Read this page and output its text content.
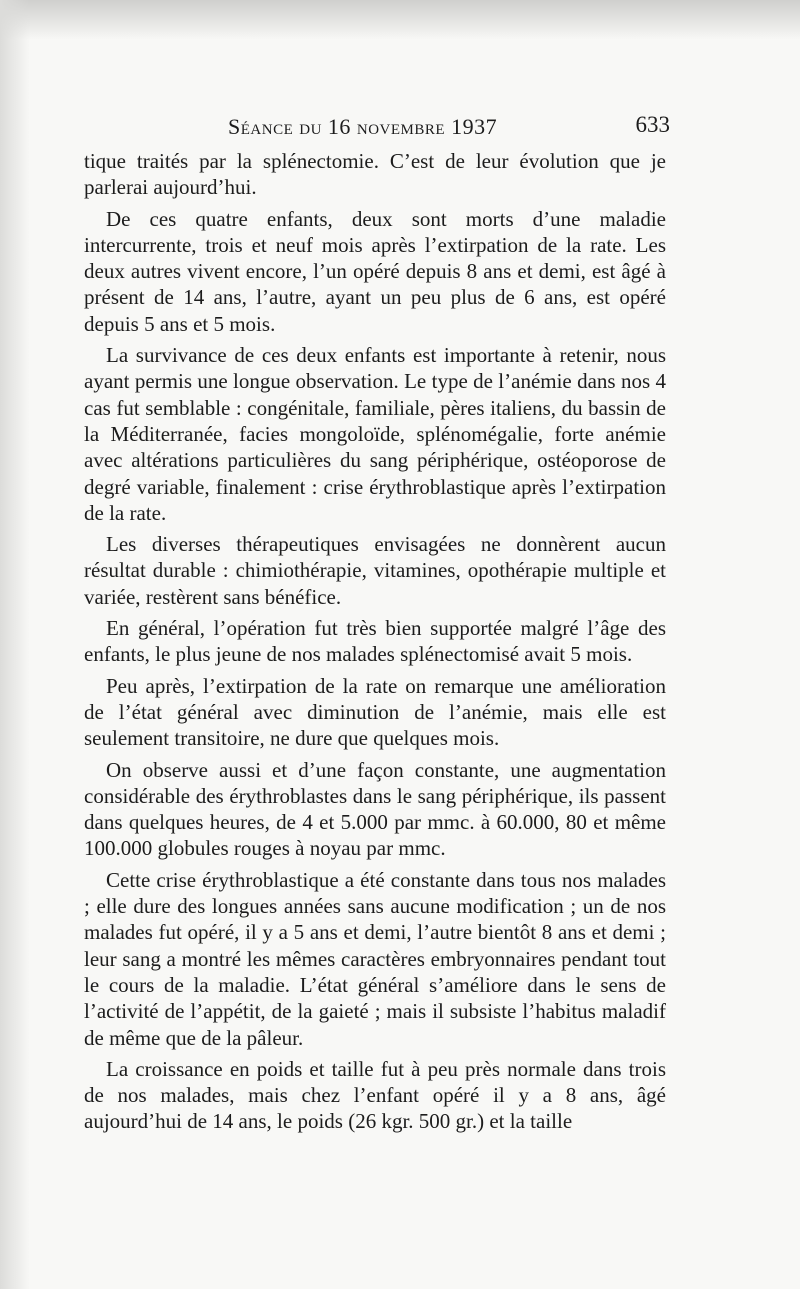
Séance du 16 novembre 1937	633

tique traités par la splénectomie. C’est de leur évolution que je parlerai aujourd’hui.

De ces quatre enfants, deux sont morts d’une maladie intercurrente, trois et neuf mois après l’extirpation de la rate. Les deux autres vivent encore, l’un opéré depuis 8 ans et demi, est âgé à présent de 14 ans, l’autre, ayant un peu plus de 6 ans, est opéré depuis 5 ans et 5 mois.

La survivance de ces deux enfants est importante à retenir, nous ayant permis une longue observation. Le type de l’anémie dans nos 4 cas fut semblable : congénitale, familiale, pères italiens, du bassin de la Méditerranée, facies mongoloïde, splénomégalie, forte anémie avec altérations particulières du sang périphérique, ostéoporose de degré variable, finalement : crise érythroblastique après l’extirpation de la rate.

Les diverses thérapeutiques envisagées ne donnèrent aucun résultat durable : chimiothérapie, vitamines, opothérapie multiple et variée, restèrent sans bénéfice.

En général, l’opération fut très bien supportée malgré l’âge des enfants, le plus jeune de nos malades splénectomisé avait 5 mois.

Peu après, l’extirpation de la rate on remarque une amélioration de l’état général avec diminution de l’anémie, mais elle est seulement transitoire, ne dure que quelques mois.

On observe aussi et d’une façon constante, une augmentation considérable des érythroblastes dans le sang périphérique, ils passent dans quelques heures, de 4 et 5.000 par mmc. à 60.000, 80 et même 100.000 globules rouges à noyau par mmc.

Cette crise érythroblastique a été constante dans tous nos malades ; elle dure des longues années sans aucune modification ; un de nos malades fut opéré, il y a 5 ans et demi, l’autre bientôt 8 ans et demi ; leur sang a montré les mêmes caractères embryonnaires pendant tout le cours de la maladie. L’état général s’améliore dans le sens de l’activité de l’appétit, de la gaieté ; mais il subsiste l’habitus maladif de même que de la pâleur.

La croissance en poids et taille fut à peu près normale dans trois de nos malades, mais chez l’enfant opéré il y a 8 ans, âgé aujourd’hui de 14 ans, le poids (26 kgr. 500 gr.) et la taille
